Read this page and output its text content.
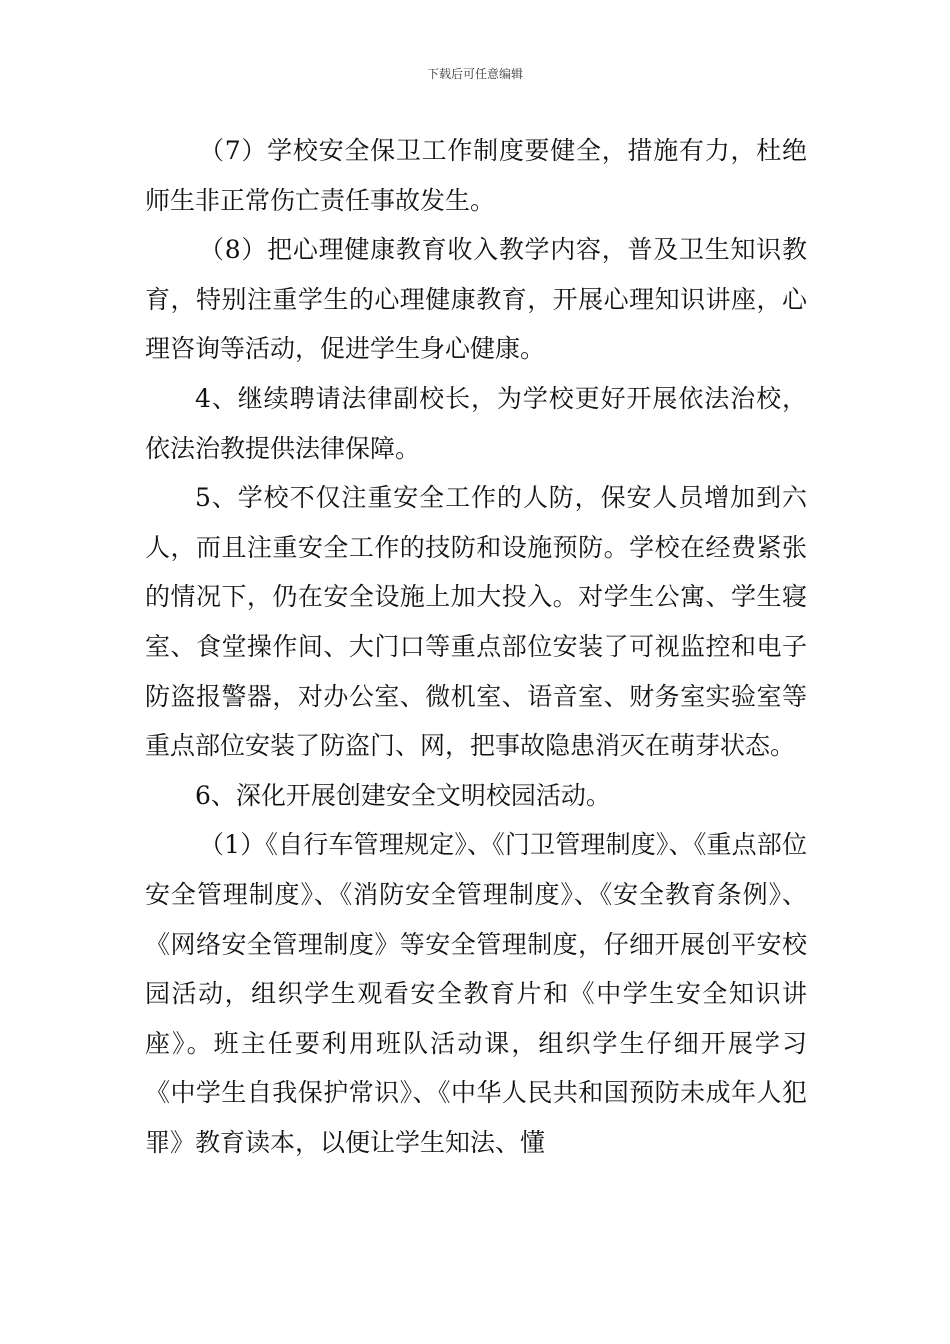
下载后可任意编辑

（7）学校安全保卫工作制度要健全，措施有力，杜绝师生非正常伤亡责任事故发生。

（8）把心理健康教育收入教学内容，普及卫生知识教育，特别注重学生的心理健康教育，开展心理知识讲座，心理咨询等活动，促进学生身心健康。

4、继续聘请法律副校长，为学校更好开展依法治校，依法治教提供法律保障。

5、学校不仅注重安全工作的人防，保安人员增加到六人，而且注重安全工作的技防和设施预防。学校在经费紧张的情况下，仍在安全设施上加大投入。对学生公寓、学生寝室、食堂操作间、大门口等重点部位安装了可视监控和电子防盗报警器，对办公室、微机室、语音室、财务室实验室等重点部位安装了防盗门、网，把事故隐患消灭在萌芽状态。

6、深化开展创建安全文明校园活动。

（1）《自行车管理规定》、《门卫管理制度》、《重点部位安全管理制度》、《消防安全管理制度》、《安全教育条例》、《网络安全管理制度》等安全管理制度，仔细开展创平安校园活动，组织学生观看安全教育片和《中学生安全知识讲座》。班主任要利用班队活动课，组织学生仔细开展学习《中学生自我保护常识》、《中华人民共和国预防未成年人犯罪》教育读本，以便让学生知法、懂
